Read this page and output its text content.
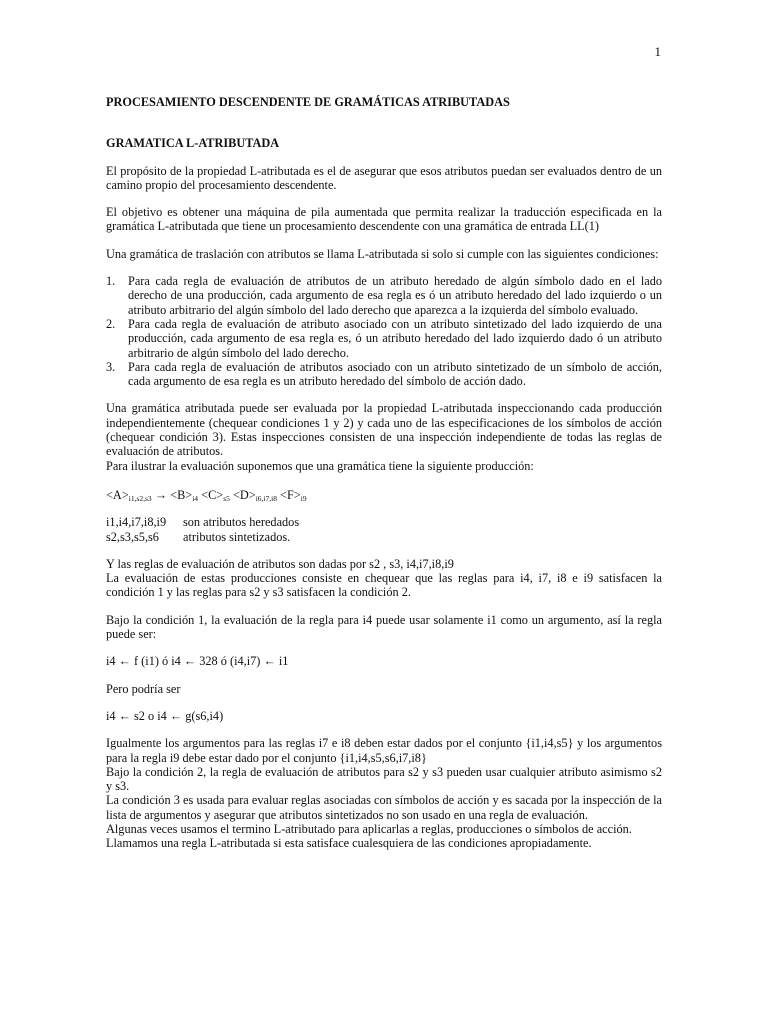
1
PROCESAMIENTO DESCENDENTE DE GRAMÁTICAS ATRIBUTADAS
GRAMATICA L-ATRIBUTADA

El propósito de la propiedad L-atributada es el de asegurar que esos atributos puedan ser evaluados dentro de un camino propio del procesamiento descendente.

El objetivo es obtener una máquina de pila aumentada que permita realizar la traducción especificada en la gramática L-atributada que tiene un procesamiento descendente con una gramática de entrada LL(1)

Una gramática de traslación con atributos se llama L-atributada si solo si cumple con las siguientes condiciones:

1. Para cada regla de evaluación de atributos de un atributo heredado de algún símbolo dado en el lado derecho de una producción, cada argumento de esa regla es ó un atributo heredado del lado izquierdo o un atributo arbitrario del algún símbolo del lado derecho que aparezca a la izquierda del símbolo evaluado.
2. Para cada regla de evaluación de atributo asociado con un atributo sintetizado del lado izquierdo de una producción, cada argumento de esa regla es, ó un atributo heredado del lado izquierdo dado ó un atributo arbitrario de algún símbolo del lado derecho.
3. Para cada regla de evaluación de atributos asociado con un atributo sintetizado de un símbolo de acción, cada argumento de esa regla es un atributo heredado del símbolo de acción dado.

Una gramática atributada puede ser evaluada por la propiedad L-atributada inspeccionando cada producción independientemente (chequear condiciones 1 y 2) y cada uno de las especificaciones de los símbolos de acción (chequear condición 3). Estas inspecciones consisten de una inspección independiente de todas las reglas de evaluación de atributos.

Para ilustrar la evaluación suponemos que una gramática tiene la siguiente producción:

$<A>_{i1,s2,s3} \to <B>_{i4} <C>_{s5} <D>_{i6,i7,i8} <F>_{i9}$

i1,i4,i7,i8,i9	son atributos heredados
s2,s3,s5,s6	atributos sintetizados.

Y las reglas de evaluación de atributos son dadas por s2 , s3, i4,i7,i8,i9

La evaluación de estas producciones consiste en chequear que las reglas para i4, i7, i8 e i9 satisfacen la condición 1 y las reglas para s2 y s3 satisfacen la condición 2.

Bajo la condición 1, la evaluación de la regla para i4 puede usar solamente i1 como un argumento, así la regla puede ser:

i4 ← f (i1) ó i4 ← 328 ó (i4,i7) ← i1

Pero podría ser

i4 ← s2 o i4 ← g(s6,i4)

Igualmente los argumentos para las reglas i7 e i8 deben estar dados por el conjunto {i1,i4,s5} y los argumentos para la regla i9 debe estar dado por el conjunto {i1,i4,s5,s6,i7,i8}

Bajo la condición 2, la regla de evaluación de atributos para s2 y s3 pueden usar cualquier atributo asimismo s2 y s3.

La condición 3 es usada para evaluar reglas asociadas con símbolos de acción y es sacada por la inspección de la lista de argumentos y asegurar que atributos sintetizados no son usado en una regla de evaluación.

Algunas veces usamos el termino L-atributado para aplicarlas a reglas, producciones o símbolos de acción.

Llamamos una regla L-atributada si esta satisface cualesquiera de las condiciones apropiadamente.
